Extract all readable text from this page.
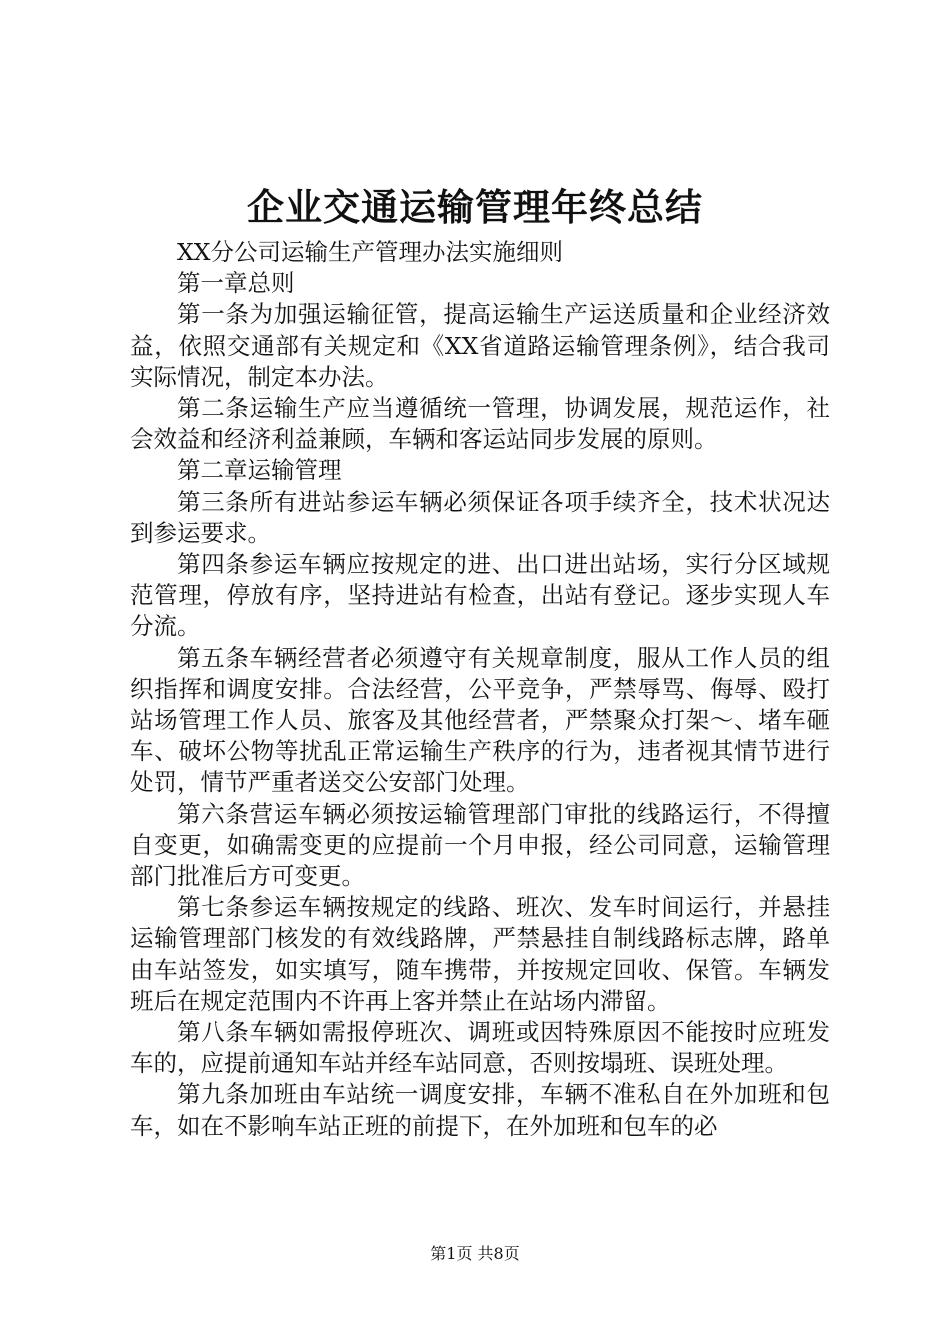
企业交通运输管理年终总结

XX分公司运输生产管理办法实施细则

第一章总则

第一条为加强运输征管，提高运输生产运送质量和企业经济效益，依照交通部有关规定和《XX省道路运输管理条例》，结合我司实际情况，制定本办法。

第二条运输生产应当遵循统一管理，协调发展，规范运作，社会效益和经济利益兼顾，车辆和客运站同步发展的原则。

第二章运输管理

第三条所有进站参运车辆必须保证各项手续齐全，技术状况达到参运要求。

第四条参运车辆应按规定的进、出口进出站场，实行分区域规范管理，停放有序，坚持进站有检查，出站有登记。逐步实现人车分流。

第五条车辆经营者必须遵守有关规章制度，服从工作人员的组织指挥和调度安排。合法经营，公平竞争，严禁辱骂、侮辱、殴打站场管理工作人员、旅客及其他经营者，严禁聚众打架～、堵车砸车、破坏公物等扰乱正常运输生产秩序的行为，违者视其情节进行处罚，情节严重者送交公安部门处理。

第六条营运车辆必须按运输管理部门审批的线路运行，不得擅自变更，如确需变更的应提前一个月申报，经公司同意，运输管理部门批准后方可变更。

第七条参运车辆按规定的线路、班次、发车时间运行，并悬挂运输管理部门核发的有效线路牌，严禁悬挂自制线路标志牌，路单由车站签发，如实填写，随车携带，并按规定回收、保管。车辆发班后在规定范围内不许再上客并禁止在站场内滞留。

第八条车辆如需报停班次、调班或因特殊原因不能按时应班发车的，应提前通知车站并经车站同意，否则按塌班、误班处理。

第九条加班由车站统一调度安排，车辆不准私自在外加班和包车，如在不影响车站正班的前提下，在外加班和包车的必

第1页 共8页
